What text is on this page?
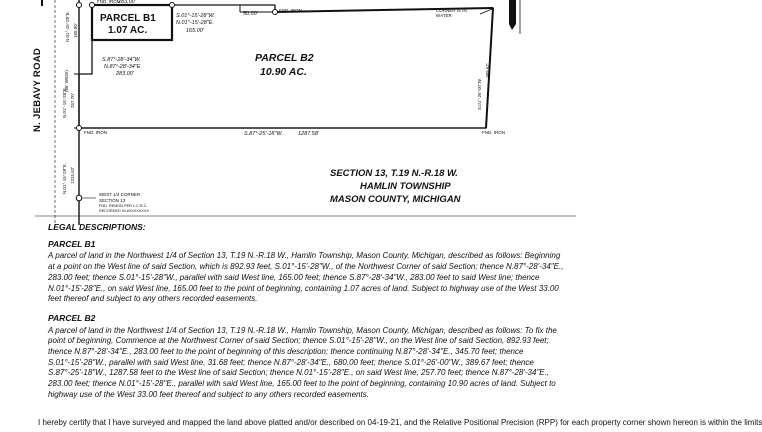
N. JEBAVY ROAD	(66' WIDE)
N.01°-15'-28"E. 165.00'
N.01°-15'-28"E. 257.70'
N.01°-15'-28"E. 1315.62'
PARCEL B1
1.07 AC.
PARCEL B2
10.90 AC.
S.01°-15'-28"W.
N.01°-15'-28"E.
165.00'
S.87°-28'-34"W.
N.87°-28'-34"E.
283.00'
283.00'
FND. IRON
FND. IRON
50.00'
FND. IRON	FND. IRON
CORNER IS IN WATER
S.01°-26'-00"W.
389.67'
S.87°-25'-18"W.	1287.58'
WEST 1/4 CORNER
SECTION 13
FND. REMON PER L.C.R.C.
RECORDED IN #XXXXXXXX
SECTION 13, T.19 N.-R.18 W.
HAMLIN TOWNSHIP
MASON COUNTY, MICHIGAN
LEGAL DESCRIPTIONS:
PARCEL B1

A parcel of land in the Northwest 1/4 of Section 13, T.19 N.-R.18 W., Hamlin Township, Mason County, Michigan, described as follows: Beginning at a point on the West line of said Section, which is 892.93 feet, S.01°-15'-28"W., of the Northwest Corner of said Section; thence N.87°-28'-34"E., 283.00 feet; thence S.01°-15'-28"W., parallel with said West line, 165.00 feet; thence S.87°-28'-34"W., 283.00 feet to said West line; thence N.01°-15'-28"E., on said West line, 165.00 feet to the point of beginning, containing 1.07 acres of land. Subject to highway use of the West 33.00 feet thereof and subject to any others recorded easements.

PARCEL B2

A parcel of land in the Northwest 1/4 of Section 13, T.19 N.-R.18 W., Hamlin Township, Mason County, Michigan, described as follows: To fix the point of beginning, Commence at the Northwest Corner of said Section; thence S.01°-15'-28"W., on the West line of said Section, 892.93 feet; thence N.87°-28'-34"E., 283.00 feet to the point of beginning of this description; thence continuing N.87°-28'-34"E., 345.70 feet; thence S.01°-15'-28"W., parallel with said West line, 31.68 feet; thence N.87°-28'-34"E., 680.00 feet; thence S.01°-26'-00"W., 389.67 feet; thence S.87°-25'-18"W., 1287.58 feet to the West line of said Section; thence N.01°-15'-28"E., on said West line, 257.70 feet; thence N.87°-28'-34"E., 283.00 feet; thence N.01°-15'-28"E., parallel with said West line, 165.00 feet to the point of beginning, containing 10.90 acres of land. Subject to highway use of the West 33.00 feet thereof and subject to any others recorded easements.

I hereby certify that I have surveyed and mapped the land above platted and/or described on 04-19-21, and the Relative Positional Precision (RPP) for each property corner shown hereon is within the limits
